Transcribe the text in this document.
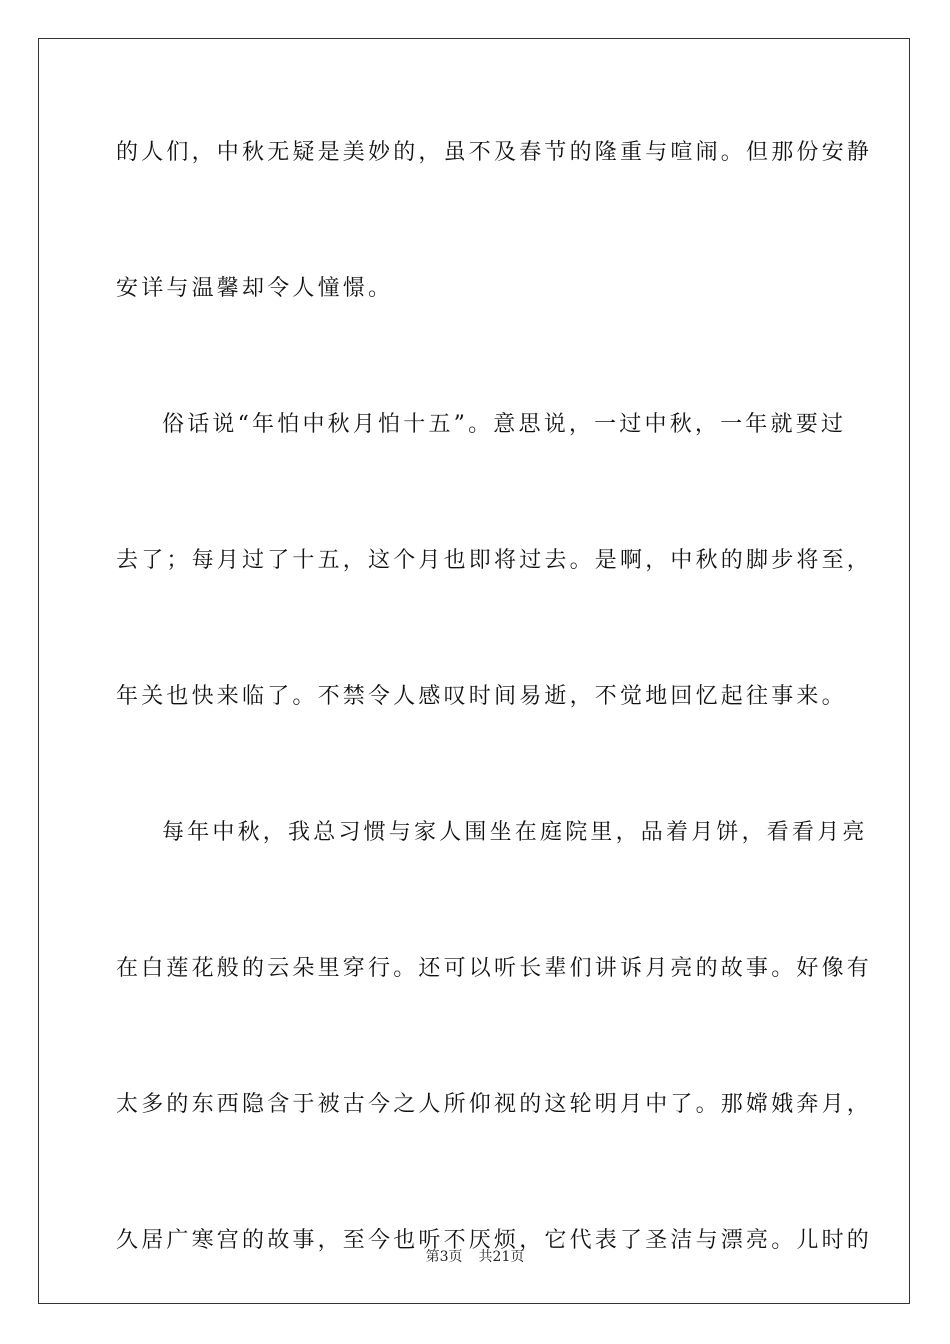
的人们，中秋无疑是美妙的，虽不及春节的隆重与喧闹。但那份安静
安详与温馨却令人憧憬。
俗话说“年怕中秋月怕十五”。意思说，一过中秋，一年就要过
去了；每月过了十五，这个月也即将过去。是啊，中秋的脚步将至，
年关也快来临了。不禁令人感叹时间易逝，不觉地回忆起往事来。
每年中秋，我总习惯与家人围坐在庭院里，品着月饼，看看月亮
在白莲花般的云朵里穿行。还可以听长辈们讲诉月亮的故事。好像有
太多的东西隐含于被古今之人所仰视的这轮明月中了。那嫦娥奔月，
久居广寒宫的故事，至今也听不厌烦，它代表了圣洁与漂亮。儿时的
第3页 共21页
